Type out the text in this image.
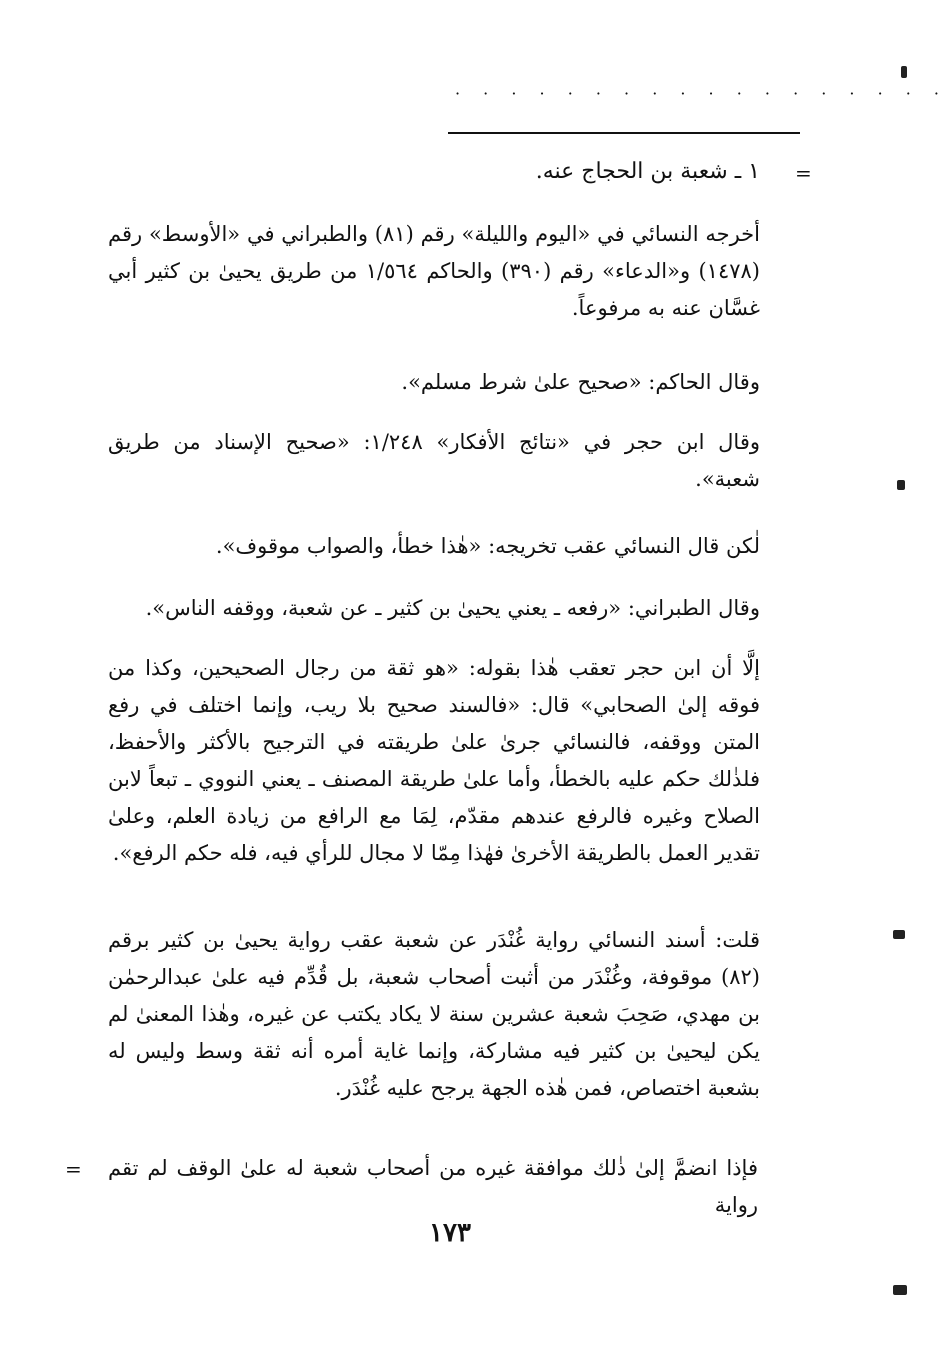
· · · · · · · · · · · · · · · · · ·
=
١ ـ شعبة بن الحجاج عنه.
أخرجه النسائي في «اليوم والليلة» رقم (٨١) والطبراني في «الأوسط» رقم (١٤٧٨) و«الدعاء» رقم (٣٩٠) والحاكم ١/٥٦٤ من طريق يحيىٰ بن كثير أبي غسَّان عنه به مرفوعاً.
وقال الحاكم: «صحيح علىٰ شرط مسلم».
وقال ابن حجر في «نتائج الأفكار» ١/٢٤٨: «صحيح الإسناد من طريق شعبة».
لٰكن قال النسائي عقب تخريجه: «هٰذا خطأ، والصواب موقوف».
وقال الطبراني: «رفعه ـ يعني يحيىٰ بن كثير ـ عن شعبة، ووقفه الناس».
إلَّا أن ابن حجر تعقب هٰذا بقوله: «هو ثقة من رجال الصحيحين، وكذا من فوقه إلىٰ الصحابي» قال: «فالسند صحيح بلا ريب، وإنما اختلف في رفع المتن ووقفه، فالنسائي جرىٰ علىٰ طريقته في الترجيح بالأكثر والأحفظ، فلذٰلك حكم عليه بالخطأ، وأما علىٰ طريقة المصنف ـ يعني النووي ـ تبعاً لابن الصلاح وغيره فالرفع عندهم مقدّم، لِمَا مع الرافع من زيادة العلم، وعلىٰ تقدير العمل بالطريقة الأخرىٰ فهٰذا مِمّا لا مجال للرأي فيه، فله حكم الرفع».
قلت: أسند النسائي رواية غُنْدَر عن شعبة عقب رواية يحيىٰ بن كثير برقم (٨٢) موقوفة، وغُنْدَر من أثبت أصحاب شعبة، بل قُدِّم فيه علىٰ عبدالرحمٰن بن مهدي، صَحِبَ شعبة عشرين سنة لا يكاد يكتب عن غيره، وهٰذا المعنىٰ لم يكن ليحيىٰ بن كثير فيه مشاركة، وإنما غاية أمره أنه ثقة وسط وليس له بشعبة اختصاص، فمن هٰذه الجهة يرجح عليه غُنْدَر.
فإذا انضمَّ إلىٰ ذٰلك موافقة غيره من أصحاب شعبة له علىٰ الوقف لم تقم رواية
=
١٧٣
